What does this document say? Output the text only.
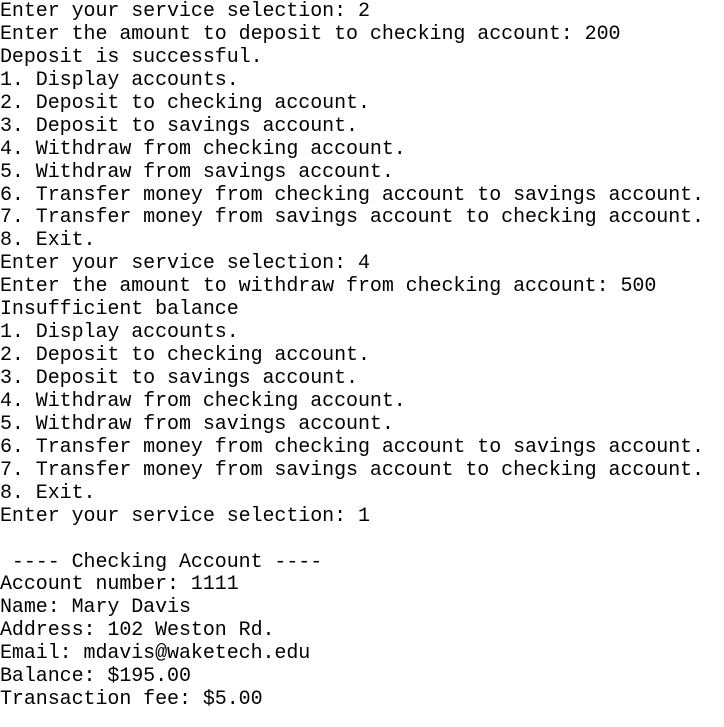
Enter your service selection: 2
Enter the amount to deposit to checking account: 200
Deposit is successful.
1. Display accounts.
2. Deposit to checking account.
3. Deposit to savings account.
4. Withdraw from checking account.
5. Withdraw from savings account.
6. Transfer money from checking account to savings account.
7. Transfer money from savings account to checking account.
8. Exit.
Enter your service selection: 4
Enter the amount to withdraw from checking account: 500
Insufficient balance
1. Display accounts.
2. Deposit to checking account.
3. Deposit to savings account.
4. Withdraw from checking account.
5. Withdraw from savings account.
6. Transfer money from checking account to savings account.
7. Transfer money from savings account to checking account.
8. Exit.
Enter your service selection: 1
---- Checking Account ----
Account number: 1111
Name: Mary Davis
Address: 102 Weston Rd.
Email: mdavis@waketech.edu
Balance: $195.00
Transaction fee: $5.00
